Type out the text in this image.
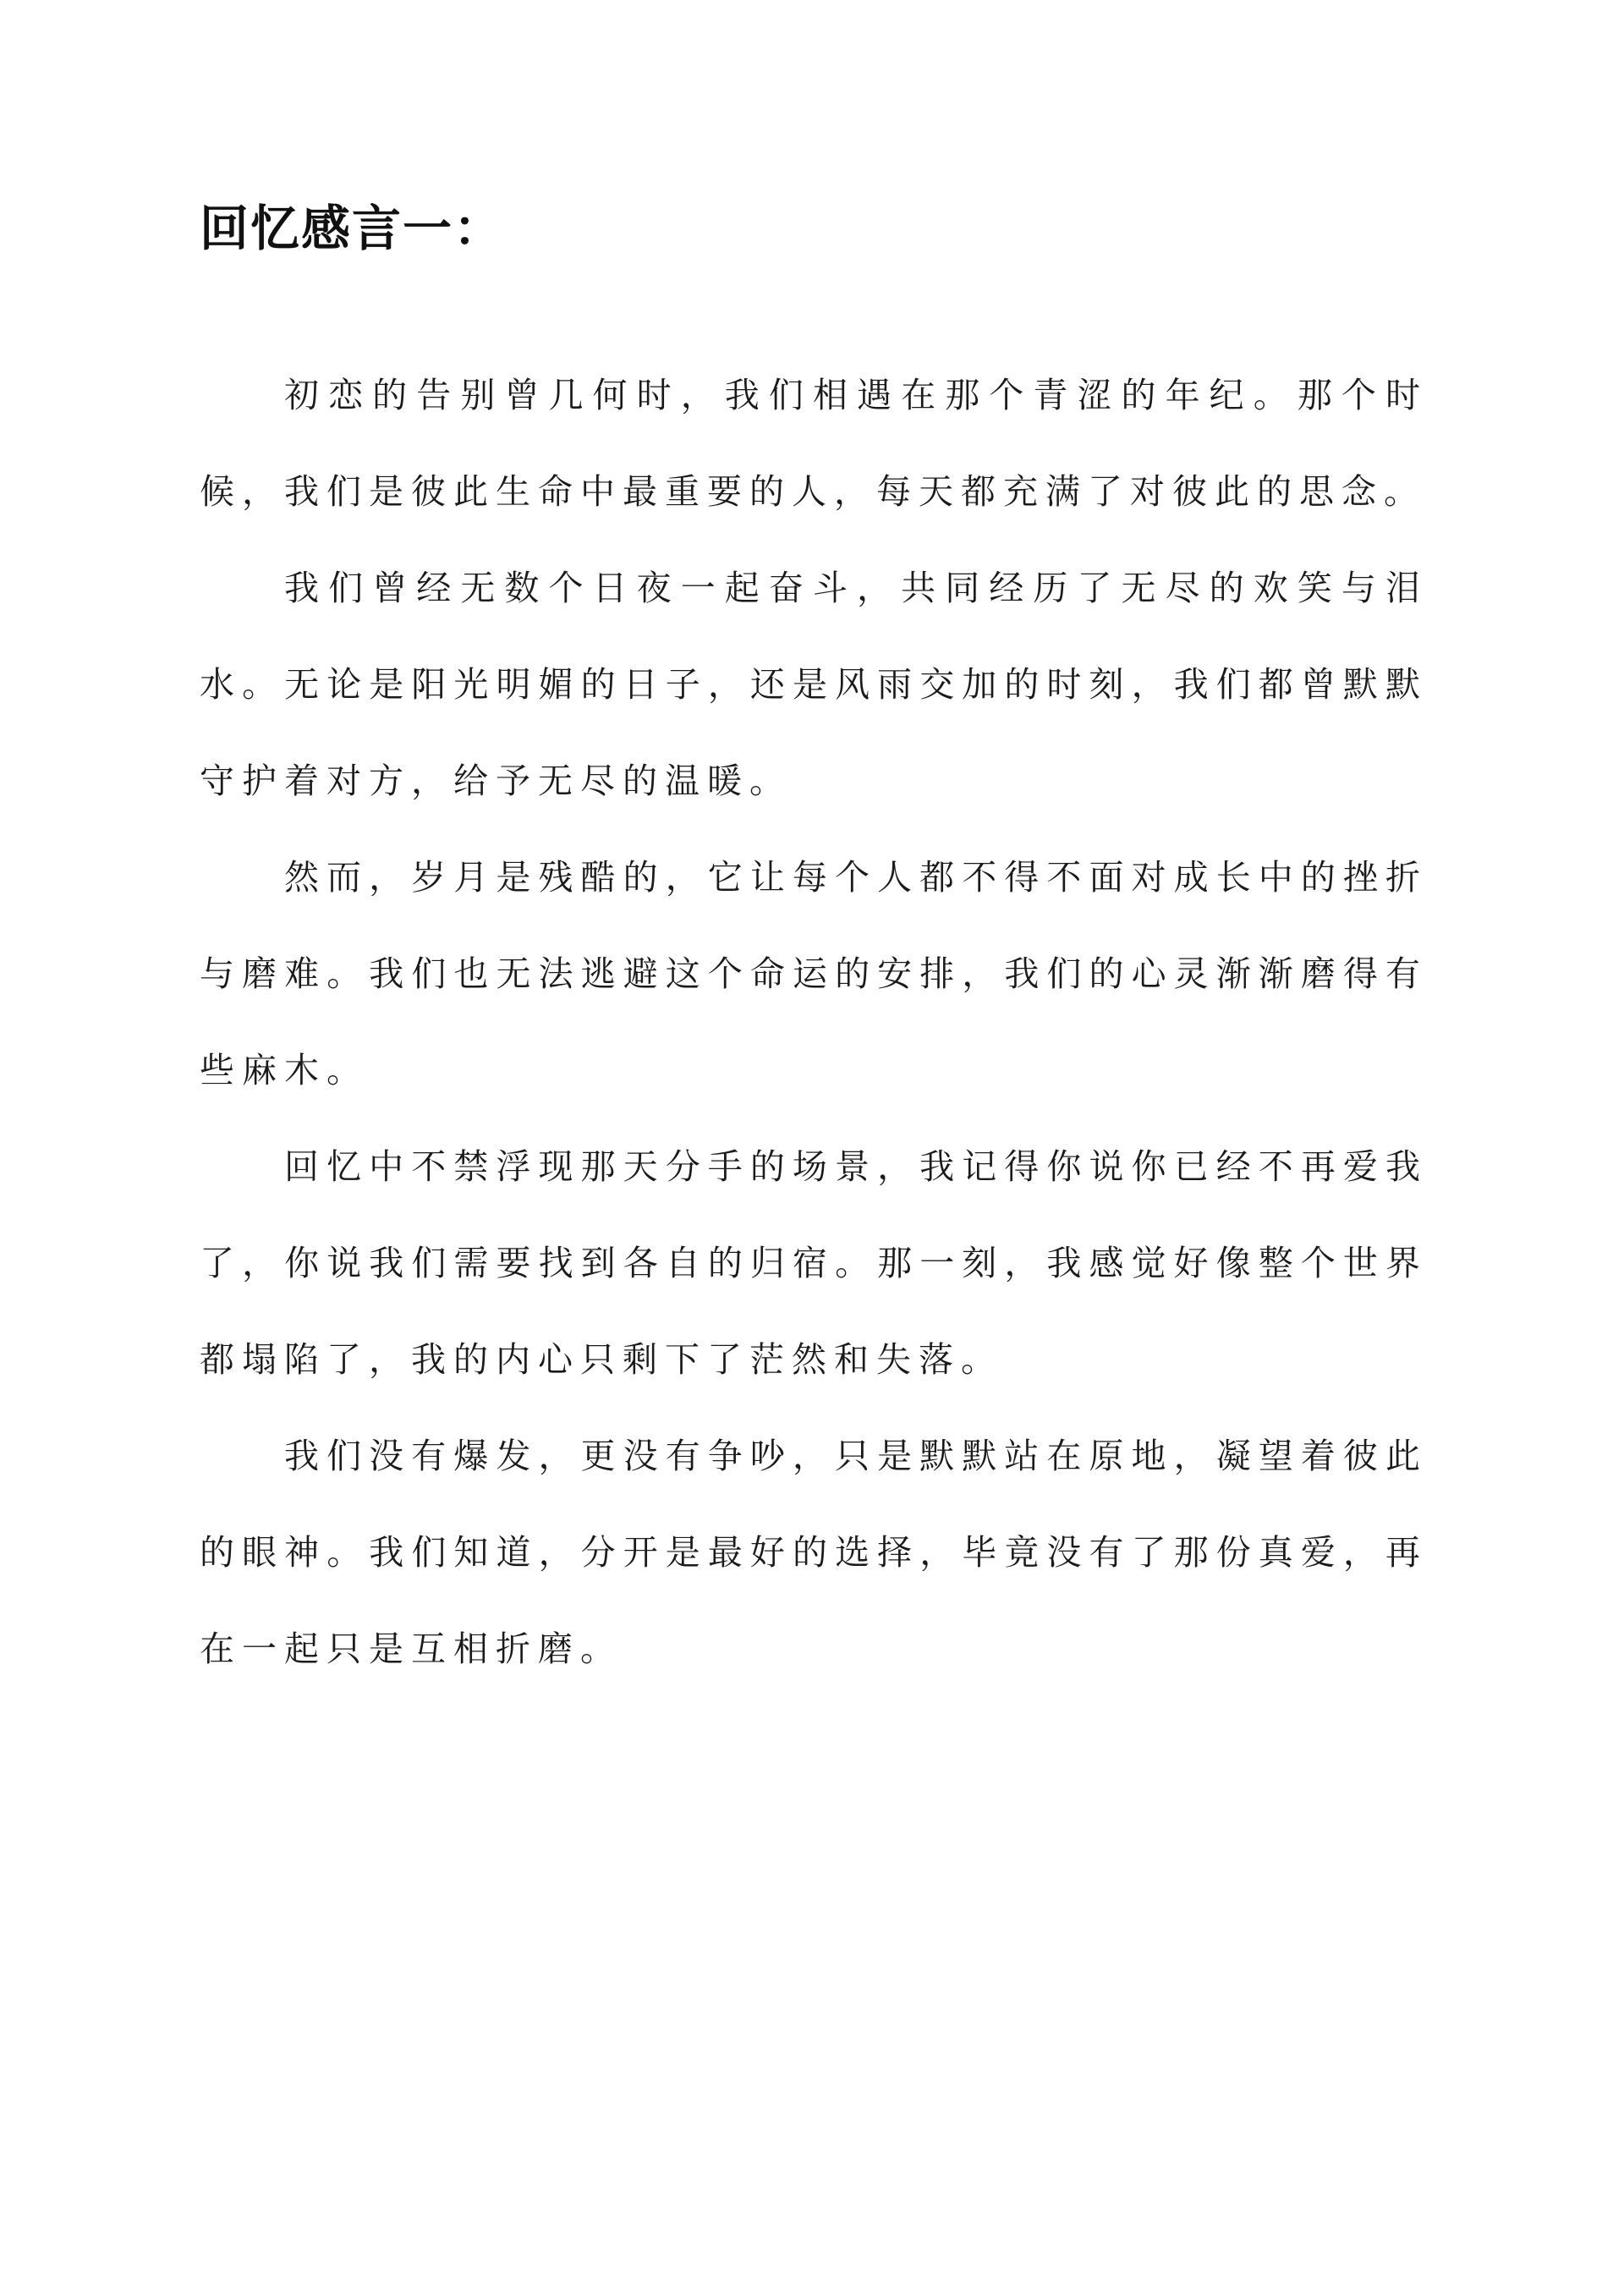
回忆感言一：

初恋的告别曾几何时，我们相遇在那个青涩的年纪。那个时候，我们是彼此生命中最重要的人，每天都充满了对彼此的思念。

我们曾经无数个日夜一起奋斗，共同经历了无尽的欢笑与泪水。无论是阳光明媚的日子，还是风雨交加的时刻，我们都曾默默守护着对方，给予无尽的温暖。

然而，岁月是残酷的，它让每个人都不得不面对成长中的挫折与磨难。我们也无法逃避这个命运的安排，我们的心灵渐渐磨得有些麻木。

回忆中不禁浮现那天分手的场景，我记得你说你已经不再爱我了，你说我们需要找到各自的归宿。那一刻，我感觉好像整个世界都塌陷了，我的内心只剩下了茫然和失落。

我们没有爆发，更没有争吵，只是默默站在原地，凝望着彼此的眼神。我们知道，分开是最好的选择，毕竟没有了那份真爱，再在一起只是互相折磨。
